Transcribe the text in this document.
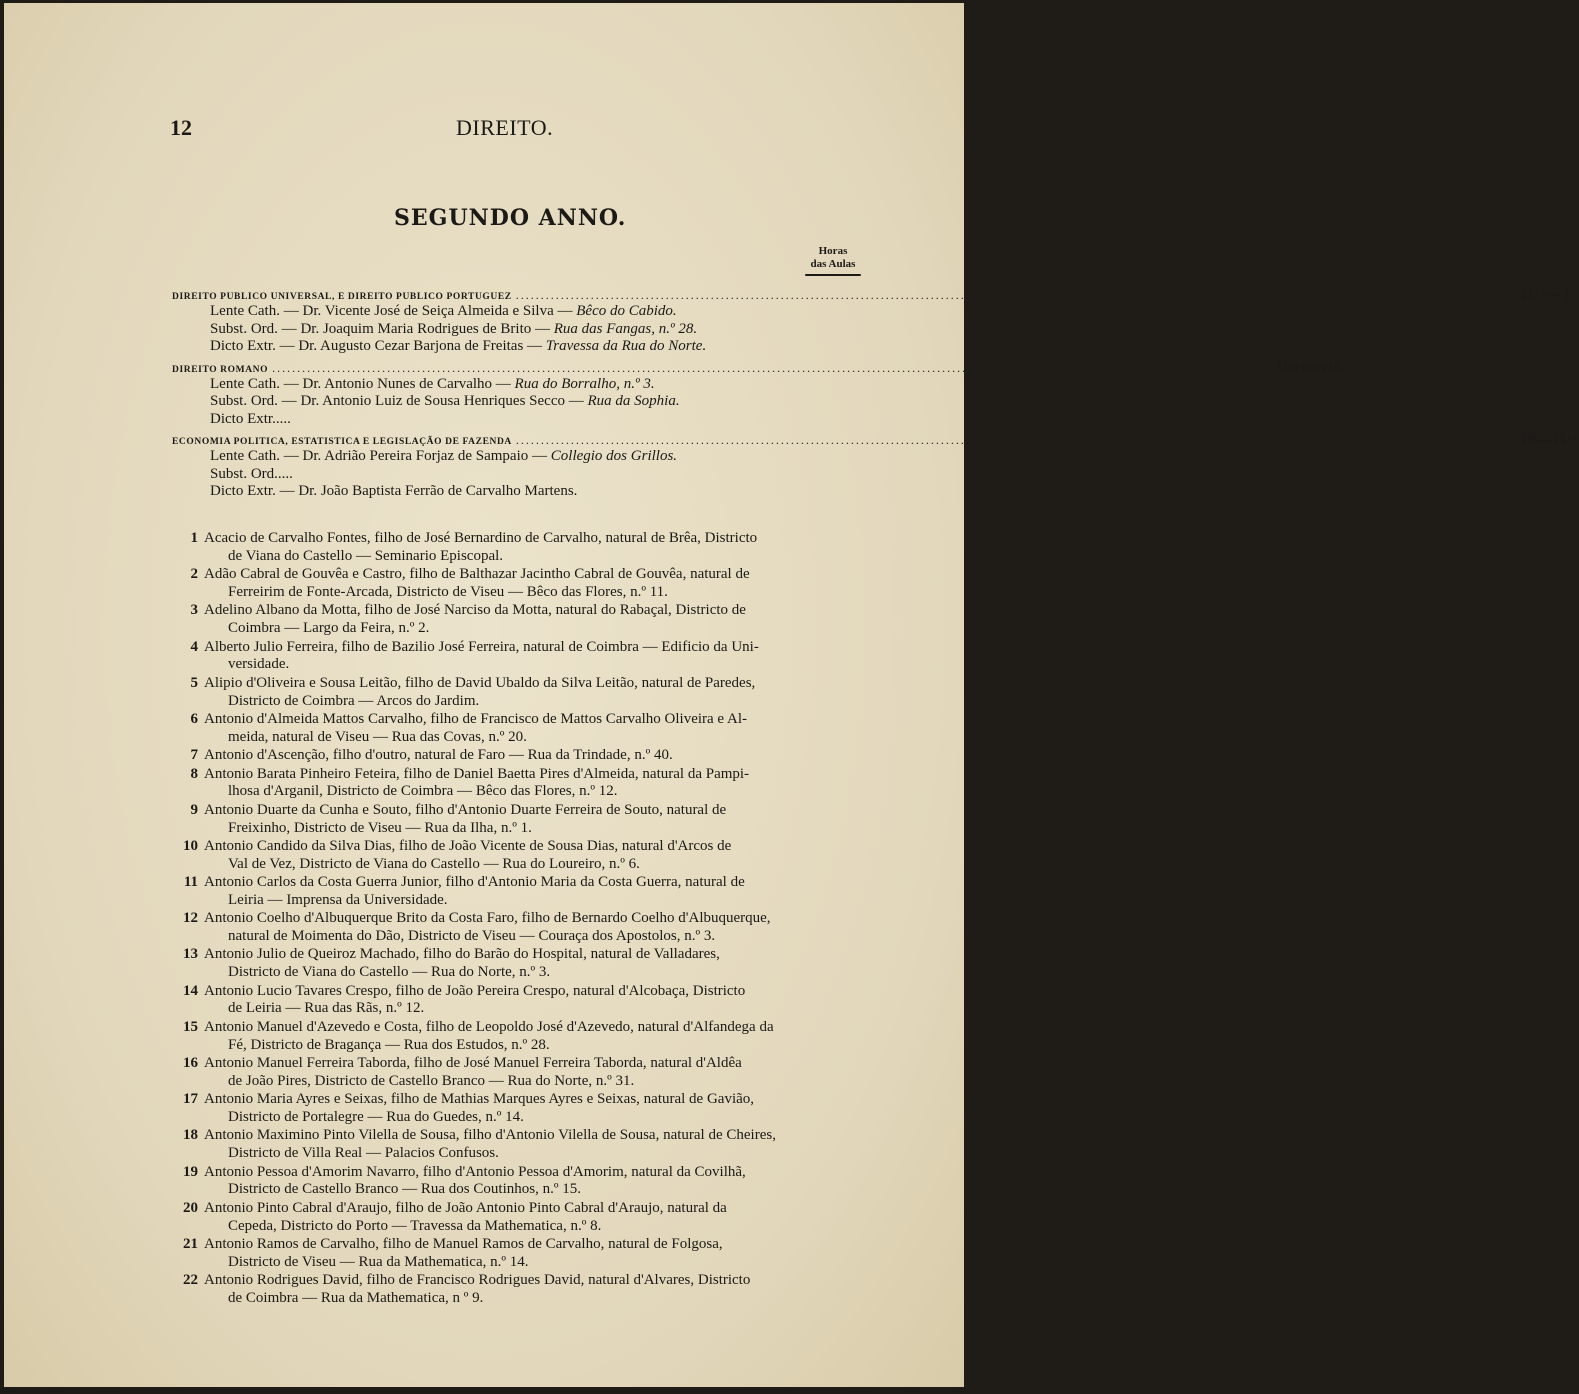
12	DIREITO.
SEGUNDO ANNO.
Horas
das Aulas
DIREITO PUBLICO UNIVERSAL, E DIREITO PUBLICO PORTUGUEZ ........................................................................................................................................................................................................ 11½—1
Lente Cath. — Dr. Vicente José de Seiça Almeida e Silva — Bêco do Cabido.
Subst. Ord. — Dr. Joaquim Maria Rodrigues de Brito — Rua das Fangas, n.º 28.
Dicto Extr. — Dr. Augusto Cezar Barjona de Freitas — Travessa da Rua do Norte.
DIREITO ROMANO ........................................................................................................................................................................................................ Variaveis.
Lente Cath. — Dr. Antonio Nunes de Carvalho — Rua do Borralho, n.º 3.
Subst. Ord. — Dr. Antonio Luiz de Sousa Henriques Secco — Rua da Sophia.
Dicto Extr.....
ECONOMIA POLITICA, ESTATISTICA E LEGISLAÇÃO DE FAZENDA ........................................................................................................................................................................................................ 10—11½
Lente Cath. — Dr. Adrião Pereira Forjaz de Sampaio — Collegio dos Grillos.
Subst. Ord.....
Dicto Extr. — Dr. João Baptista Ferrão de Carvalho Martens.
1 Acacio de Carvalho Fontes, filho de José Bernardino de Carvalho, natural de Brêa, Districto
de Viana do Castello — Seminario Episcopal.
2 Adão Cabral de Gouvêa e Castro, filho de Balthazar Jacintho Cabral de Gouvêa, natural de
Ferreirim de Fonte-Arcada, Districto de Viseu — Bêco das Flores, n.º 11.
3 Adelino Albano da Motta, filho de José Narciso da Motta, natural do Rabaçal, Districto de
Coimbra — Largo da Feira, n.º 2.
4 Alberto Julio Ferreira, filho de Bazilio José Ferreira, natural de Coimbra — Edificio da Uni-
versidade.
5 Alipio d'Oliveira e Sousa Leitão, filho de David Ubaldo da Silva Leitão, natural de Paredes,
Districto de Coimbra — Arcos do Jardim.
6 Antonio d'Almeida Mattos Carvalho, filho de Francisco de Mattos Carvalho Oliveira e Al-
meida, natural de Viseu — Rua das Covas, n.º 20.
7 Antonio d'Ascenção, filho d'outro, natural de Faro — Rua da Trindade, n.º 40.
8 Antonio Barata Pinheiro Feteira, filho de Daniel Baetta Pires d'Almeida, natural da Pampi-
lhosa d'Arganil, Districto de Coimbra — Bêco das Flores, n.º 12.
9 Antonio Duarte da Cunha e Souto, filho d'Antonio Duarte Ferreira de Souto, natural de
Freixinho, Districto de Viseu — Rua da Ilha, n.º 1.
10 Antonio Candido da Silva Dias, filho de João Vicente de Sousa Dias, natural d'Arcos de
Val de Vez, Districto de Viana do Castello — Rua do Loureiro, n.º 6.
11 Antonio Carlos da Costa Guerra Junior, filho d'Antonio Maria da Costa Guerra, natural de
Leiria — Imprensa da Universidade.
12 Antonio Coelho d'Albuquerque Brito da Costa Faro, filho de Bernardo Coelho d'Albuquerque,
natural de Moimenta do Dão, Districto de Viseu — Couraça dos Apostolos, n.º 3.
13 Antonio Julio de Queiroz Machado, filho do Barão do Hospital, natural de Valladares,
Districto de Viana do Castello — Rua do Norte, n.º 3.
14 Antonio Lucio Tavares Crespo, filho de João Pereira Crespo, natural d'Alcobaça, Districto
de Leiria — Rua das Rãs, n.º 12.
15 Antonio Manuel d'Azevedo e Costa, filho de Leopoldo José d'Azevedo, natural d'Alfandega da
Fé, Districto de Bragança — Rua dos Estudos, n.º 28.
16 Antonio Manuel Ferreira Taborda, filho de José Manuel Ferreira Taborda, natural d'Aldêa
de João Pires, Districto de Castello Branco — Rua do Norte, n.º 31.
17 Antonio Maria Ayres e Seixas, filho de Mathias Marques Ayres e Seixas, natural de Gavião,
Districto de Portalegre — Rua do Guedes, n.º 14.
18 Antonio Maximino Pinto Vilella de Sousa, filho d'Antonio Vilella de Sousa, natural de Cheires,
Districto de Villa Real — Palacios Confusos.
19 Antonio Pessoa d'Amorim Navarro, filho d'Antonio Pessoa d'Amorim, natural da Covilhã,
Districto de Castello Branco — Rua dos Coutinhos, n.º 15.
20 Antonio Pinto Cabral d'Araujo, filho de João Antonio Pinto Cabral d'Araujo, natural da
Cepeda, Districto do Porto — Travessa da Mathematica, n.º 8.
21 Antonio Ramos de Carvalho, filho de Manuel Ramos de Carvalho, natural de Folgosa,
Districto de Viseu — Rua da Mathematica, n.º 14.
22 Antonio Rodrigues David, filho de Francisco Rodrigues David, natural d'Alvares, Districto
de Coimbra — Rua da Mathematica, n º 9.
